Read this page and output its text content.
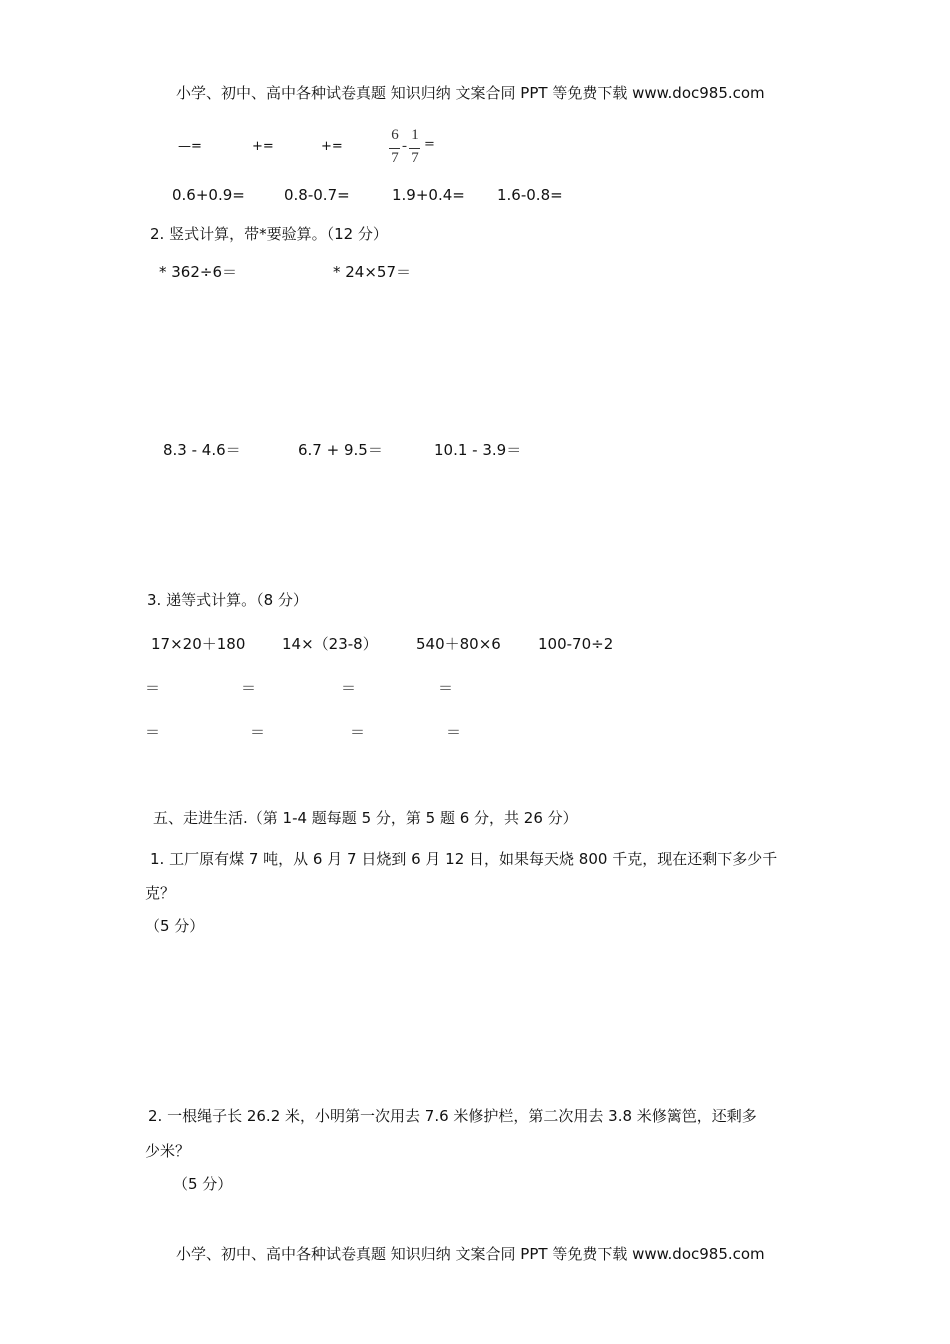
小学、初中、高中各种试卷真题 知识归纳 文案合同 PPT 等免费下载 www.doc985.com
—=	+=	+=
6
7
-
1
7
=
0.6+0.9=	0.8-0.7=	1.9+0.4= 1.6-0.8=
2. 竖式计算，带*要验算。（12 分）
* 362÷6＝	* 24×57＝
8.3 - 4.6＝	6.7 + 9.5＝	10.1 - 3.9＝
3. 递等式计算。（8 分）
17×20＋180 14×（23-8）	540＋80×6 100-70÷2
＝	＝	＝	＝
＝	＝	＝	＝
五、走进生活.（第 1-4 题每题 5 分，第 5 题 6 分，共 26 分）
1. 工厂原有煤 7 吨，从 6 月 7 日烧到 6 月 12 日，如果每天烧 800 千克，现在还剩下多少千
克？
（5 分）
2. 一根绳子长 26.2 米，小明第一次用去 7.6 米修护栏，第二次用去 3.8 米修篱笆，还剩多
少米？
（5 分）
小学、初中、高中各种试卷真题 知识归纳 文案合同 PPT 等免费下载 www.doc985.com
